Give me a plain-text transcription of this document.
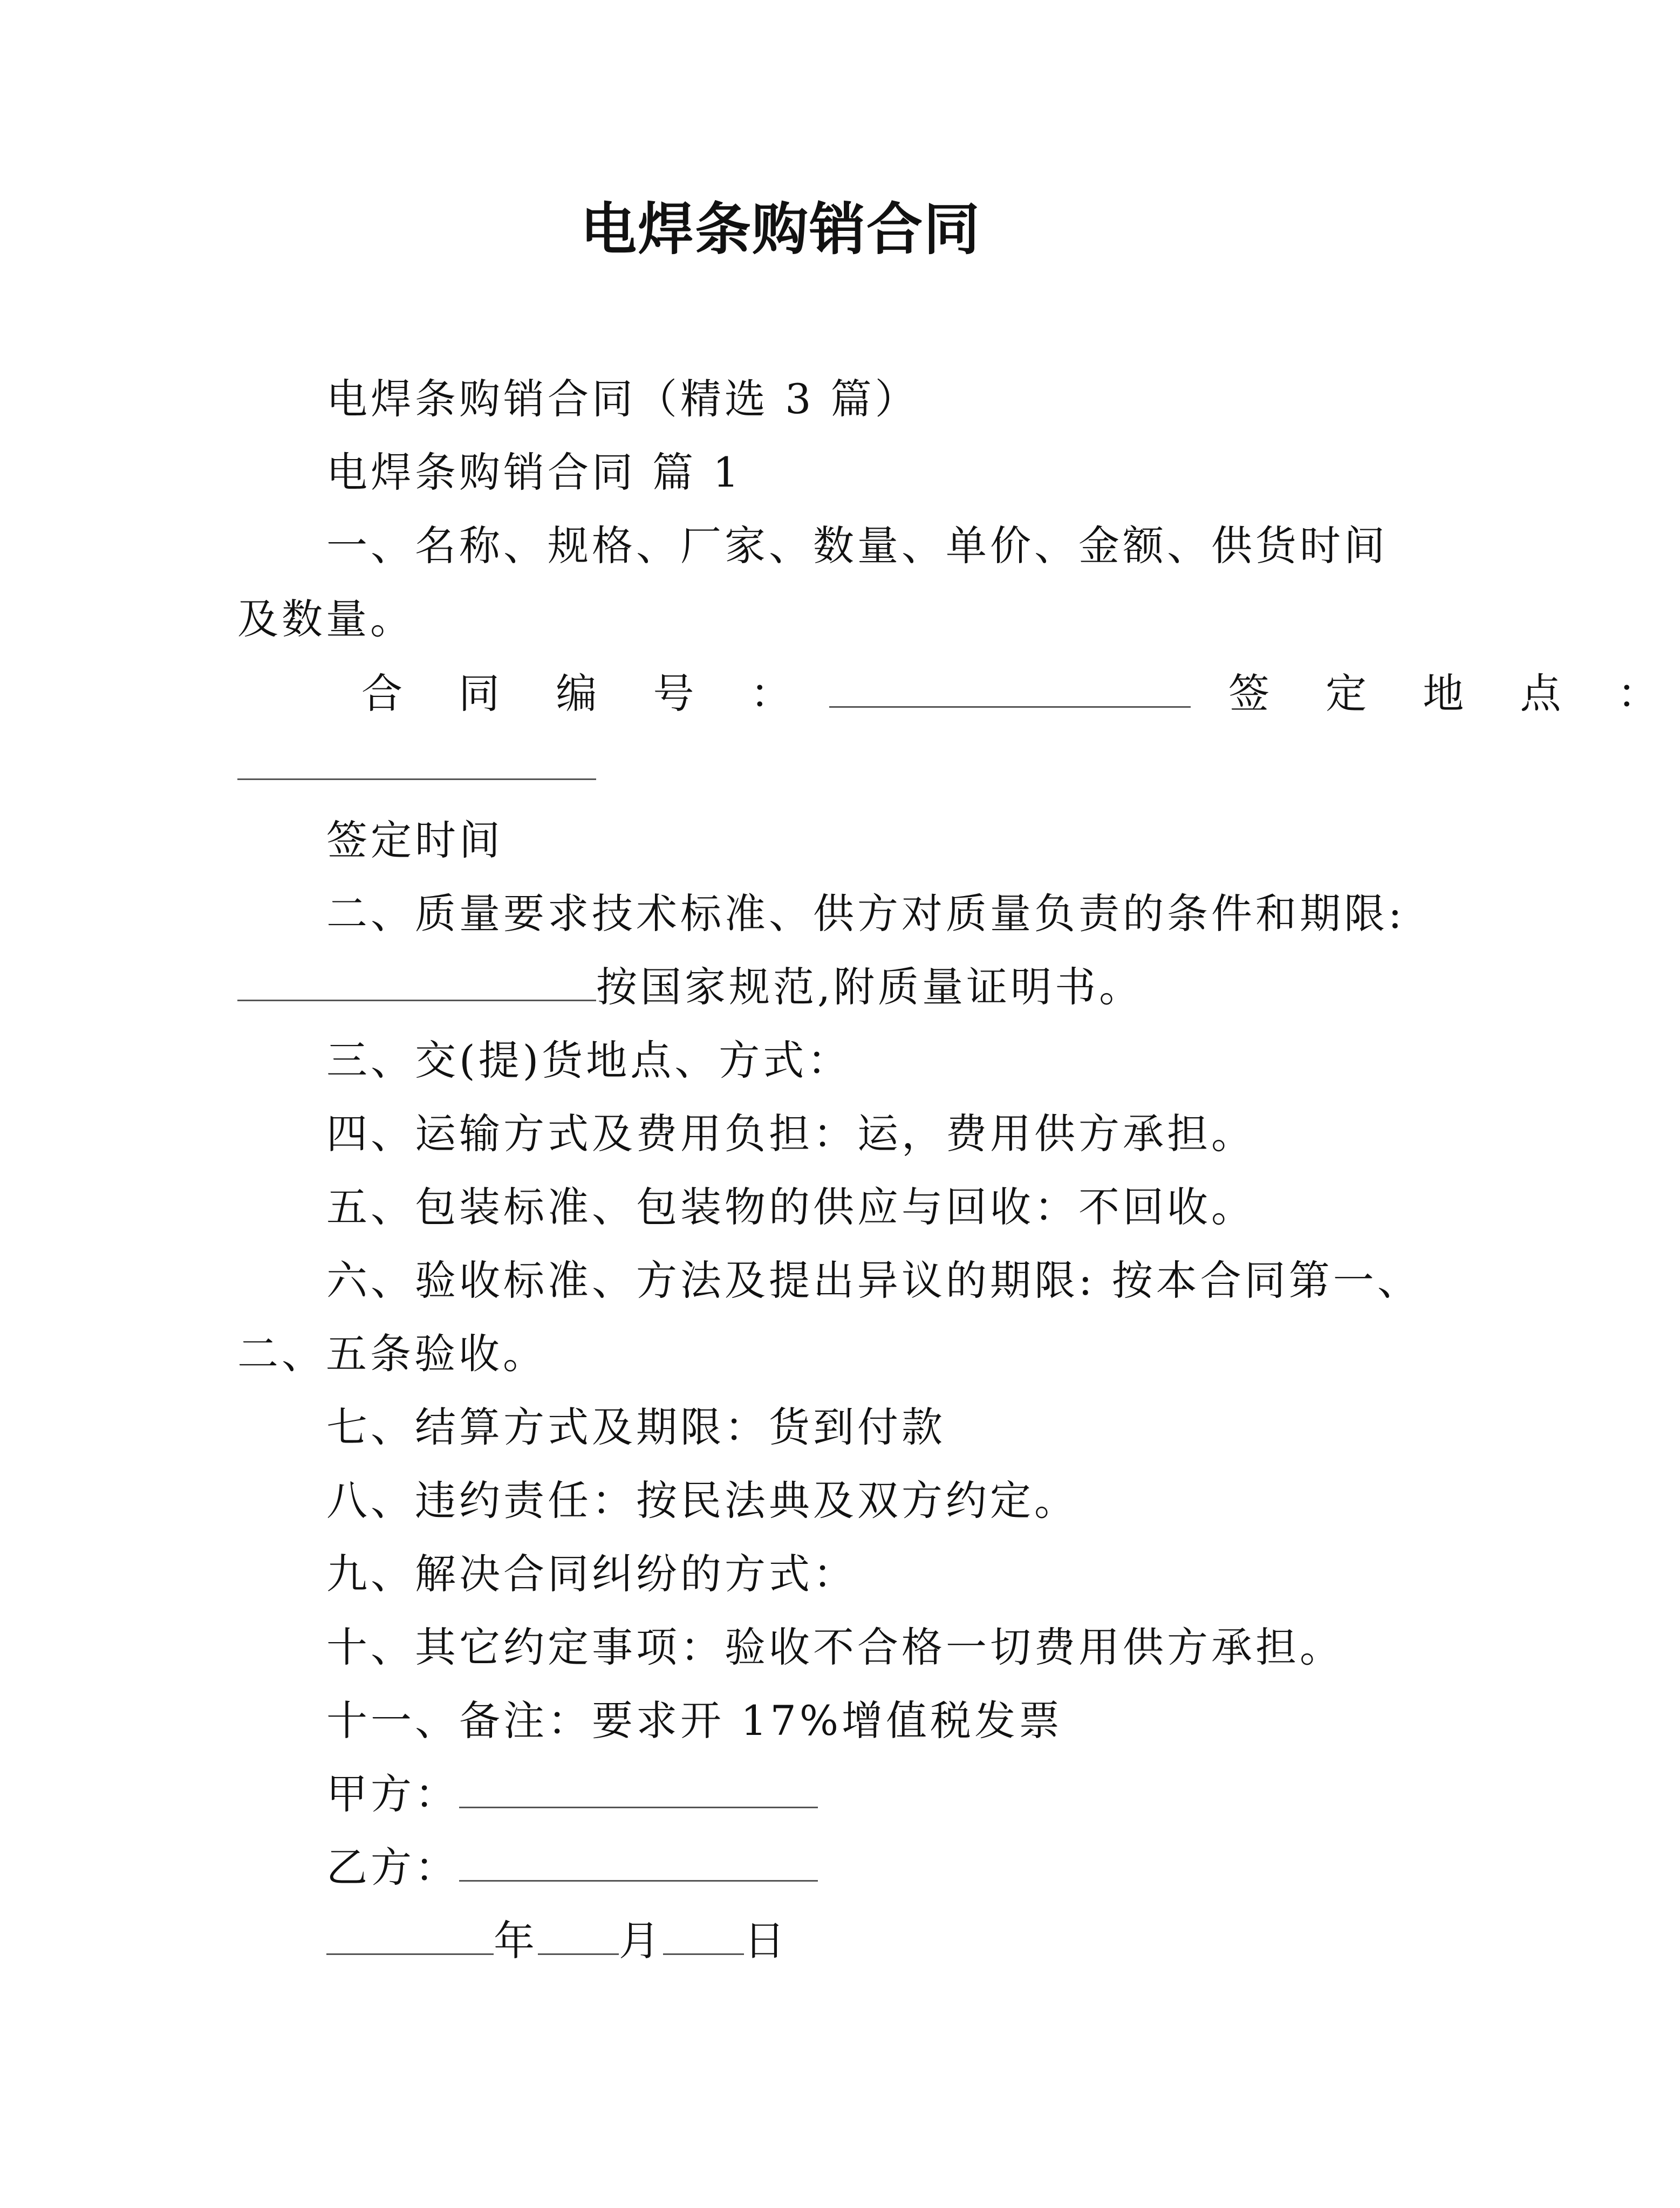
电焊条购销合同
电焊条购销合同（精选 3 篇）
电焊条购销合同 篇 1
一、名称、规格、厂家、数量、单价、金额、供货时间
及数量。
合 同 编 号 ：	签 定 地 点 ：
签定时间
二、质量要求技术标准、供方对质量负责的条件和期限:
按国家规范,附质量证明书。
三、交(提)货地点、方式：
四、运输方式及费用负担：运，费用供方承担。
五、包装标准、包装物的供应与回收：不回收。
六、验收标准、方法及提出异议的期限: 按本合同第一、
二、五条验收。
七、结算方式及期限：货到付款
八、违约责任：按民法典及双方约定。
九、解决合同纠纷的方式：
十、其它约定事项：验收不合格一切费用供方承担。
十一、备注：要求开 17%增值税发票
甲方：
乙方：
年 月 日
